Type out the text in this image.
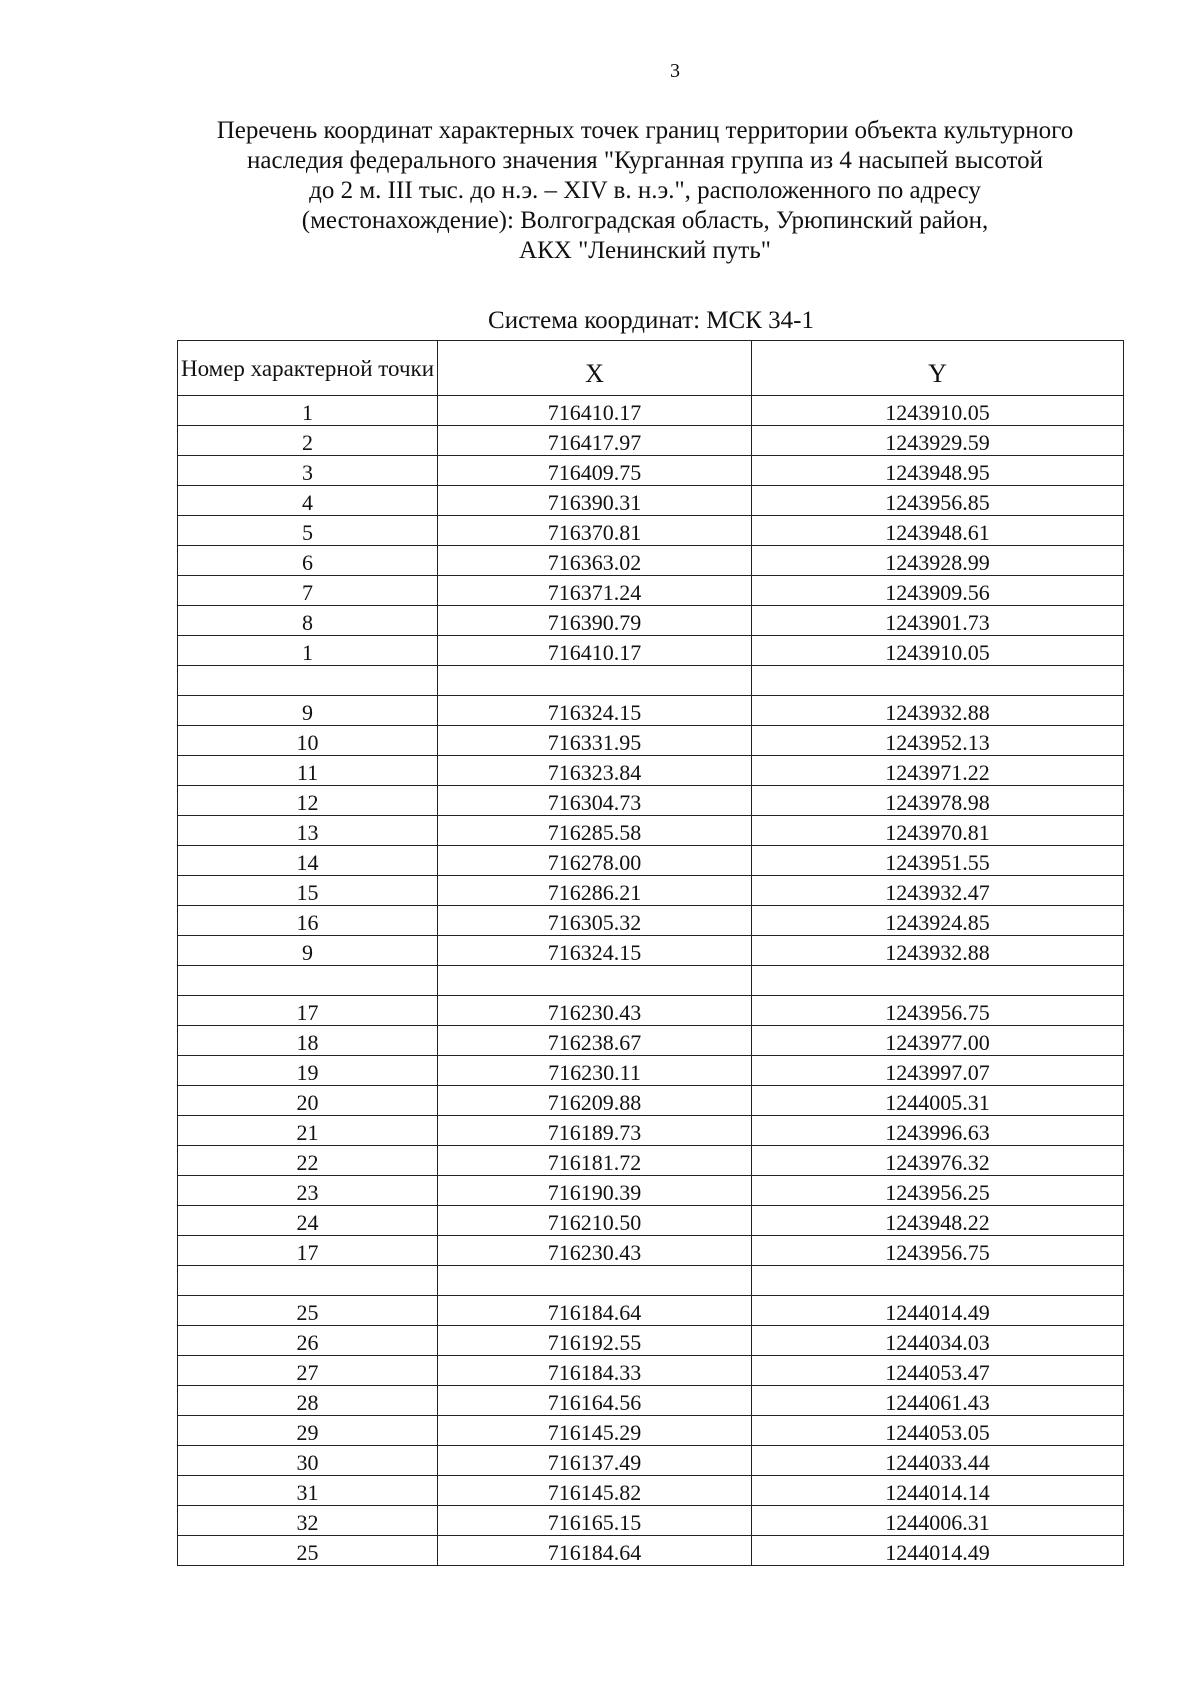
3
Перечень координат характерных точек границ территории объекта культурного
наследия федерального значения "Курганная группа из 4 насыпей высотой
до 2 м. III тыс. до н.э. – XIV в. н.э.", расположенного по адресу
(местонахождение): Волгоградская область, Урюпинский район,
АКХ "Ленинский путь"
Система координат: МСК 34-1
Номер характерной точки	X	Y
1	716410.17	1243910.05
2	716417.97	1243929.59
3	716409.75	1243948.95
4	716390.31	1243956.85
5	716370.81	1243948.61
6	716363.02	1243928.99
7	716371.24	1243909.56
8	716390.79	1243901.73
1	716410.17	1243910.05

9	716324.15	1243932.88
10	716331.95	1243952.13
11	716323.84	1243971.22
12	716304.73	1243978.98
13	716285.58	1243970.81
14	716278.00	1243951.55
15	716286.21	1243932.47
16	716305.32	1243924.85
9	716324.15	1243932.88

17	716230.43	1243956.75
18	716238.67	1243977.00
19	716230.11	1243997.07
20	716209.88	1244005.31
21	716189.73	1243996.63
22	716181.72	1243976.32
23	716190.39	1243956.25
24	716210.50	1243948.22
17	716230.43	1243956.75

25	716184.64	1244014.49
26	716192.55	1244034.03
27	716184.33	1244053.47
28	716164.56	1244061.43
29	716145.29	1244053.05
30	716137.49	1244033.44
31	716145.82	1244014.14
32	716165.15	1244006.31
25	716184.64	1244014.49
